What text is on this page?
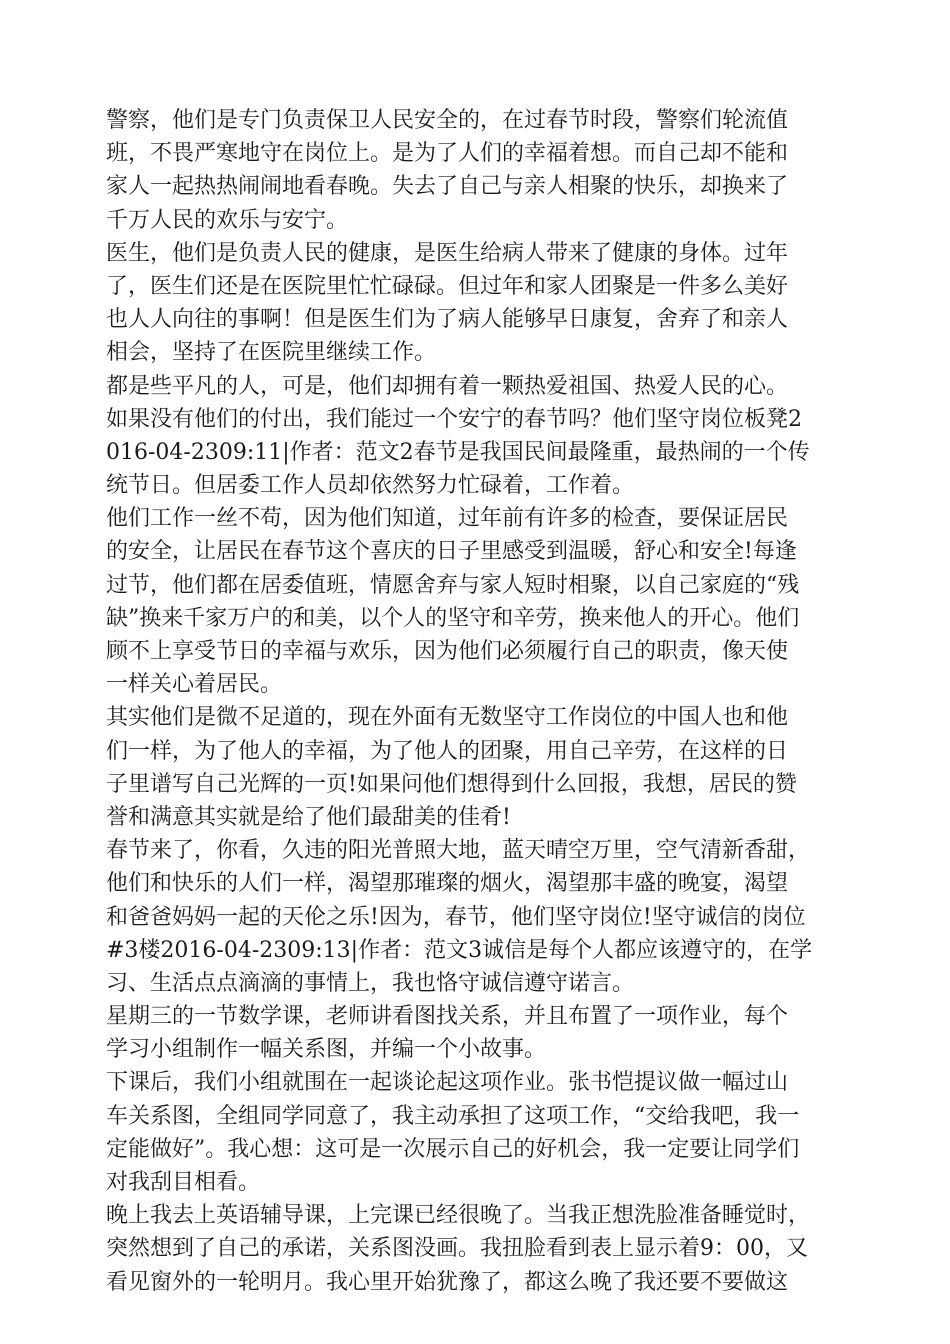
警察，他们是专门负责保卫人民安全的，在过春节时段，警察们轮流值
班，不畏严寒地守在岗位上。是为了人们的幸福着想。而自己却不能和
家人一起热热闹闹地看春晚。失去了自己与亲人相聚的快乐，却换来了
千万人民的欢乐与安宁。
医生，他们是负责人民的健康，是医生给病人带来了健康的身体。过年
了，医生们还是在医院里忙忙碌碌。但过年和家人团聚是一件多么美好
也人人向往的事啊！但是医生们为了病人能够早日康复，舍弃了和亲人
相会，坚持了在医院里继续工作。
都是些平凡的人，可是，他们却拥有着一颗热爱祖国、热爱人民的心。
如果没有他们的付出，我们能过一个安宁的春节吗？他们坚守岗位板凳2
016-04-2309:11|作者：范文2春节是我国民间最隆重，最热闹的一个传
统节日。但居委工作人员却依然努力忙碌着，工作着。
他们工作一丝不苟，因为他们知道，过年前有许多的检查，要保证居民
的安全，让居民在春节这个喜庆的日子里感受到温暖，舒心和安全!每逢
过节，他们都在居委值班，情愿舍弃与家人短时相聚，以自己家庭的“残
缺”换来千家万户的和美，以个人的坚守和辛劳，换来他人的开心。他们
顾不上享受节日的幸福与欢乐，因为他们必须履行自己的职责，像天使
一样关心着居民。
其实他们是微不足道的，现在外面有无数坚守工作岗位的中国人也和他
们一样，为了他人的幸福，为了他人的团聚，用自己辛劳，在这样的日
子里谱写自己光辉的一页!如果问他们想得到什么回报，我想，居民的赞
誉和满意其实就是给了他们最甜美的佳肴!
春节来了，你看，久违的阳光普照大地，蓝天晴空万里，空气清新香甜，
他们和快乐的人们一样，渴望那璀璨的烟火，渴望那丰盛的晚宴，渴望
和爸爸妈妈一起的天伦之乐!因为，春节，他们坚守岗位!坚守诚信的岗位
#3楼2016-04-2309:13|作者：范文3诚信是每个人都应该遵守的，在学
习、生活点点滴滴的事情上，我也恪守诚信遵守诺言。
星期三的一节数学课，老师讲看图找关系，并且布置了一项作业，每个
学习小组制作一幅关系图，并编一个小故事。
下课后，我们小组就围在一起谈论起这项作业。张书恺提议做一幅过山
车关系图，全组同学同意了，我主动承担了这项工作，“交给我吧，我一
定能做好”。我心想：这可是一次展示自己的好机会，我一定要让同学们
对我刮目相看。
晚上我去上英语辅导课，上完课已经很晚了。当我正想洗脸准备睡觉时，
突然想到了自己的承诺，关系图没画。我扭脸看到表上显示着9：00，又
看见窗外的一轮明月。我心里开始犹豫了，都这么晚了我还要不要做这
